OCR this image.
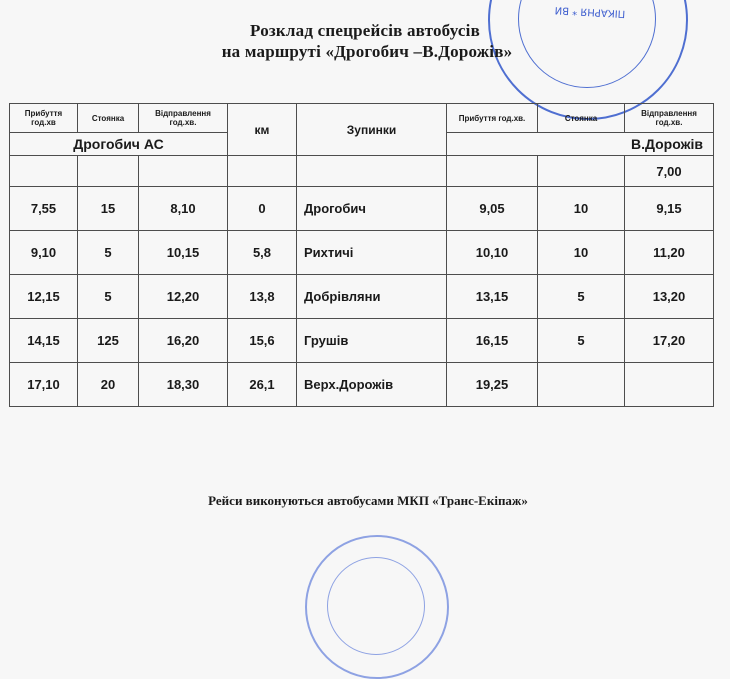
ПІКАРНЯ * ВИ
Розклад спецрейсів автобусів
на маршруті «Дрогобич –В.Дорожів»
Прибуття год.хв	Стоянка	Відправлення год.хв.	км	Зупинки	Прибуття год.хв.	Стоянка	Відправлення год.хв.
Дрогобич АС					В.Дорожів		
							7,00
7,55	15	8,10	0	Дрогобич	9,05	10	9,15
9,10	5	10,15	5,8	Рихтичі	10,10	10	11,20
12,15	5	12,20	13,8	Добрівляни	13,15	5	13,20
14,15	125	16,20	15,6	Грушів	16,15	5	17,20
17,10	20	18,30	26,1	Верх.Дорожів	19,25		
Рейси виконуються автобусами МКП «Транс-Екіпаж»
